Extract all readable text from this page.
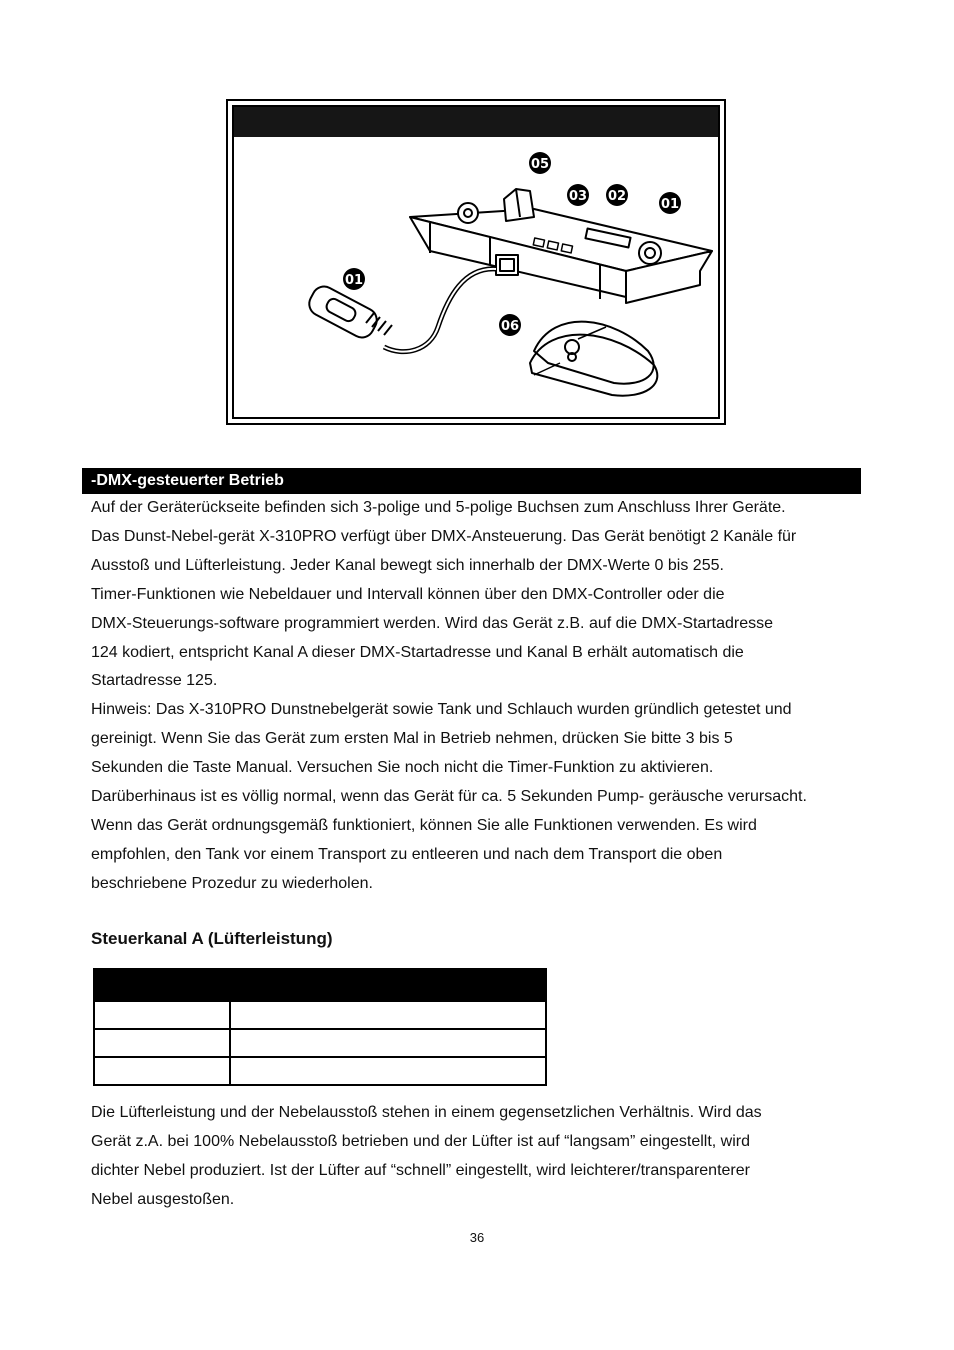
05
03 02
01
01
06
-DMX-gesteuerter Betrieb

Auf der Geräterückseite befinden sich 3-polige und 5-polige Buchsen zum Anschluss Ihrer Geräte.

Das Dunst-Nebel-gerät X-310PRO verfügt über DMX-Ansteuerung. Das Gerät benötigt 2 Kanäle für

Ausstoß und Lüfterleistung. Jeder Kanal bewegt sich innerhalb der DMX-Werte 0 bis 255.

Timer-Funktionen wie Nebeldauer und Intervall können über den DMX-Controller oder die

DMX-Steuerungs-software programmiert werden. Wird das Gerät z.B. auf die DMX-Startadresse

124 kodiert, entspricht Kanal A dieser DMX-Startadresse und Kanal B erhält automatisch die

Startadresse 125.

Hinweis: Das X-310PRO Dunstnebelgerät sowie Tank und Schlauch wurden gründlich getestet und

gereinigt. Wenn Sie das Gerät zum ersten Mal in Betrieb nehmen, drücken Sie bitte 3 bis 5

Sekunden die Taste Manual. Versuchen Sie noch nicht die Timer-Funktion zu aktivieren.

Darüberhinaus ist es völlig normal, wenn das Gerät für ca. 5 Sekunden Pump- geräusche verursacht.

Wenn das Gerät ordnungsgemäß funktioniert, können Sie alle Funktionen verwenden. Es wird

empfohlen, den Tank vor einem Transport zu entleeren und nach dem Transport die oben

beschriebene Prozedur zu wiederholen.

Steuerkanal A (Lüfterleistung)

Die Lüfterleistung und der Nebelausstoß stehen in einem gegensetzlichen Verhältnis. Wird das

Gerät z.A. bei 100% Nebelausstoß betrieben und der Lüfter ist auf “langsam” eingestellt, wird

dichter Nebel produziert. Ist der Lüfter auf “schnell” eingestellt, wird leichterer/transparenterer

Nebel ausgestoßen.

36
